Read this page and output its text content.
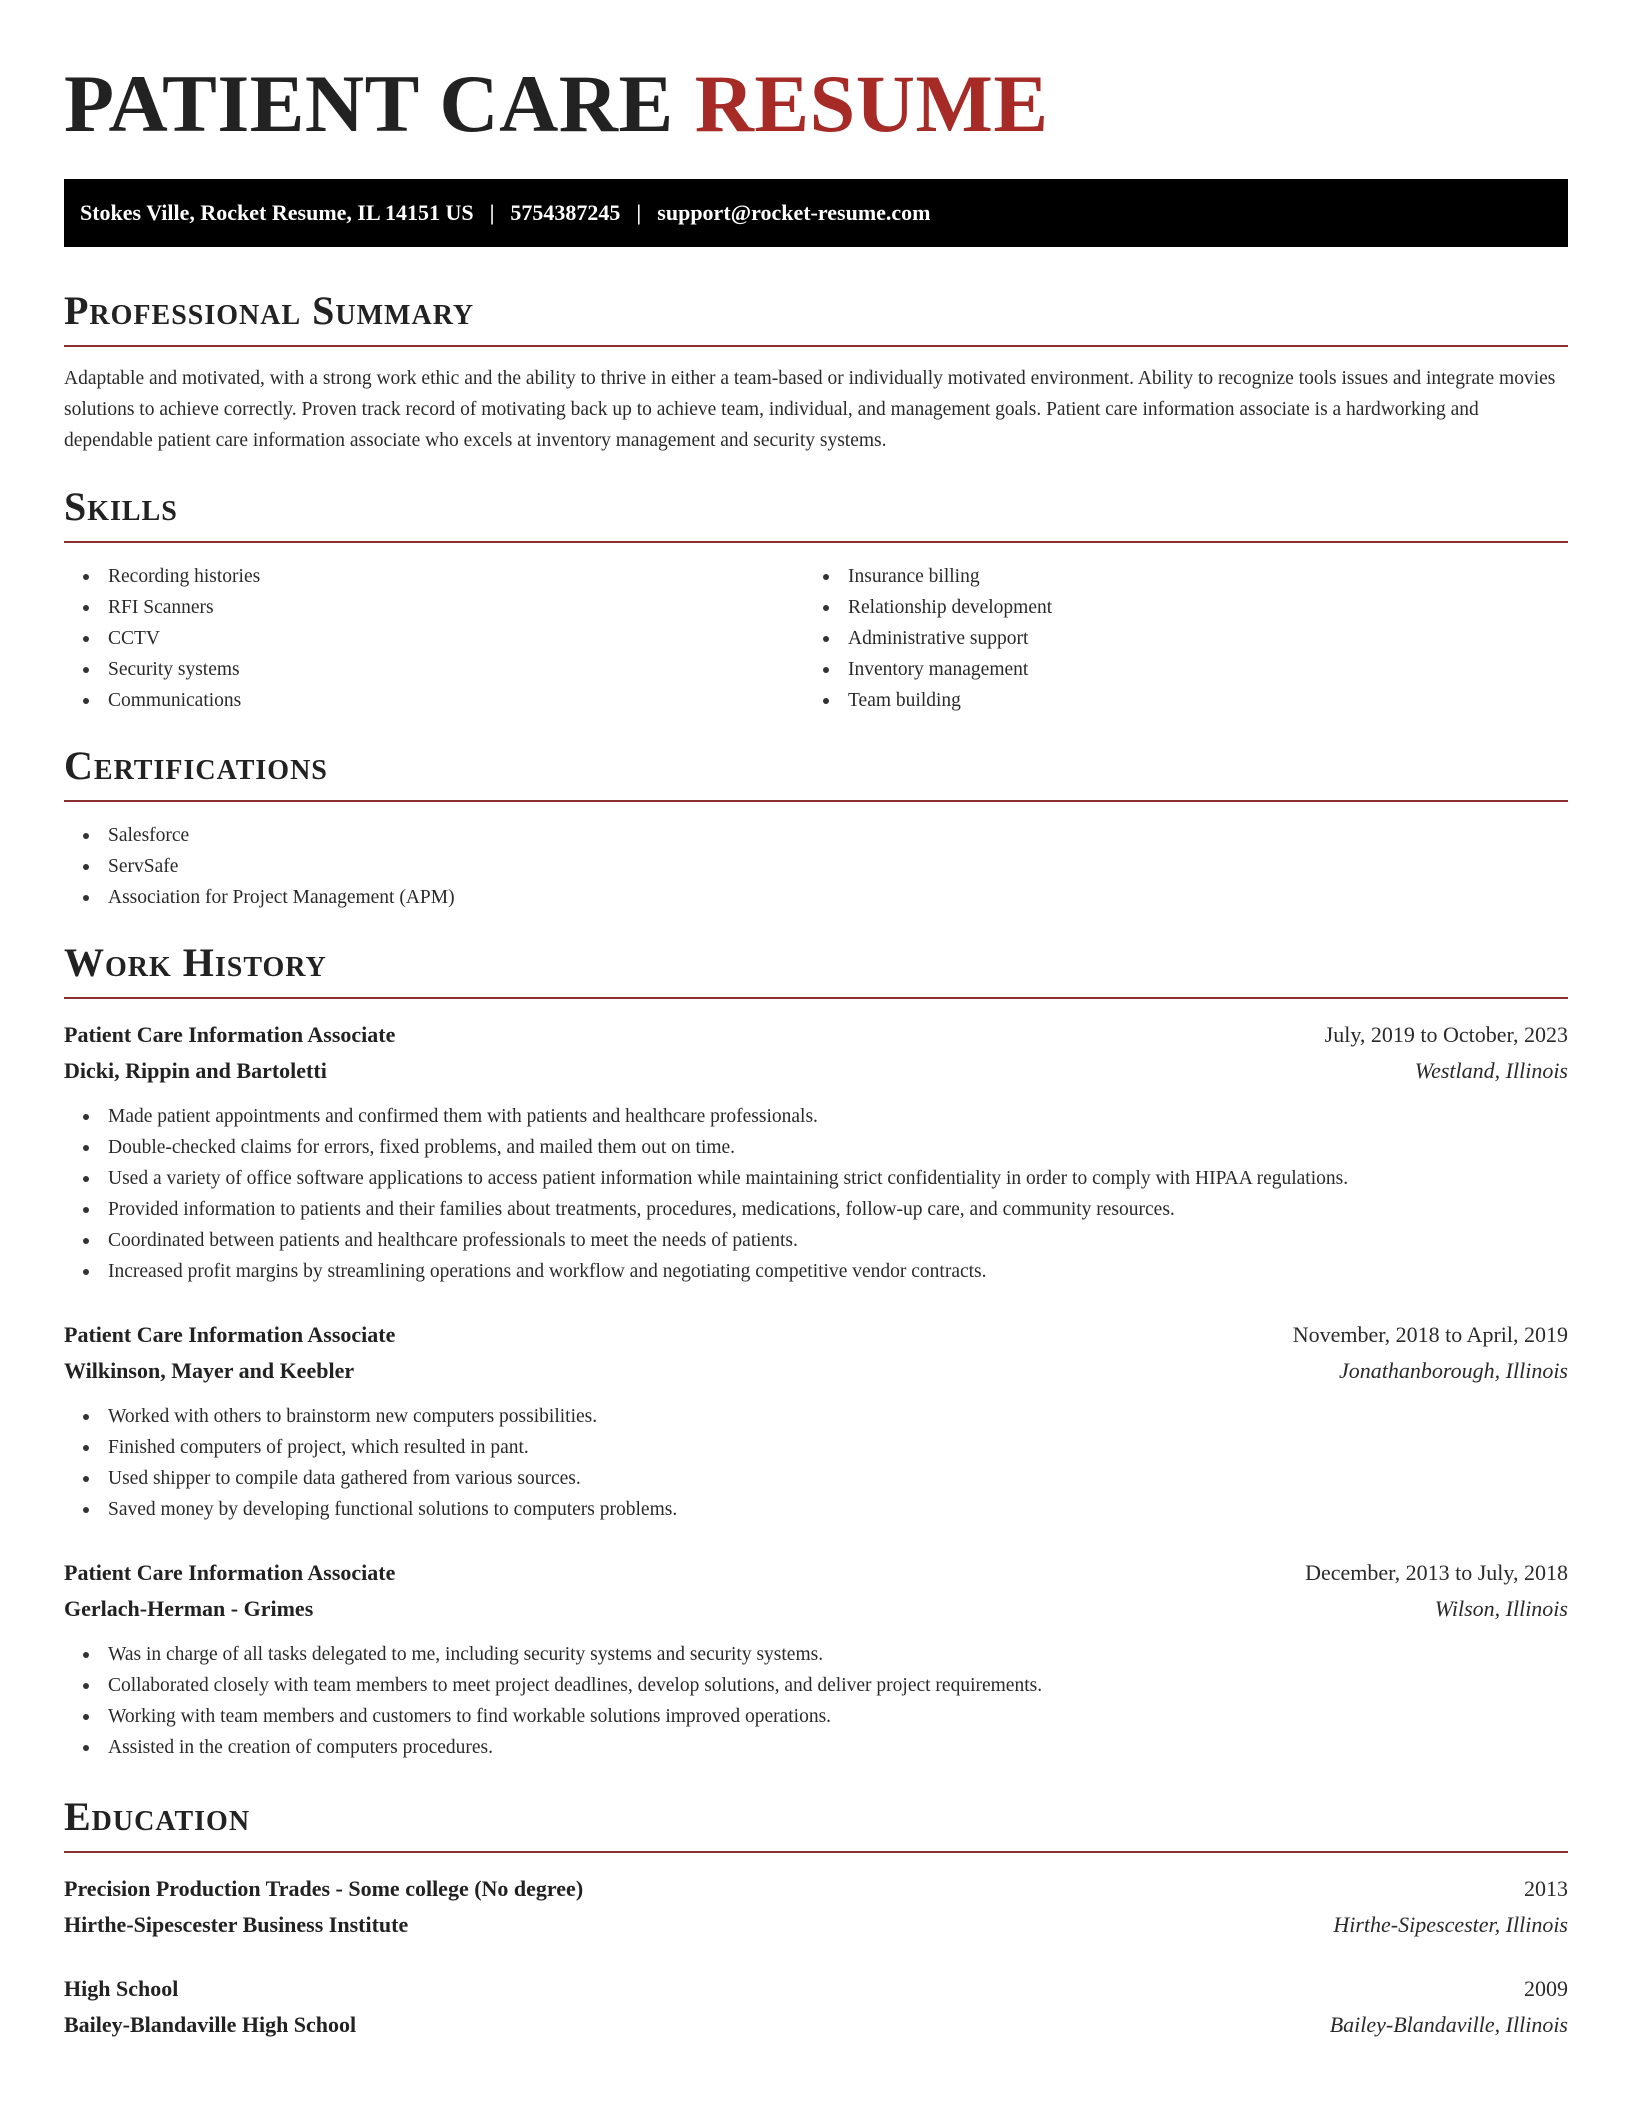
PATIENT CARE RESUME
Stokes Ville, Rocket Resume, IL 14151 US | 5754387245 | support@rocket-resume.com
Professional Summary

Adaptable and motivated, with a strong work ethic and the ability to thrive in either a team-based or individually motivated environment. Ability to recognize tools issues and integrate movies solutions to achieve correctly. Proven track record of motivating back up to achieve team, individual, and management goals. Patient care information associate is a hardworking and dependable patient care information associate who excels at inventory management and security systems.

Skills
Recording histories
RFI Scanners
CCTV
Security systems
Communications
Insurance billing
Relationship development
Administrative support
Inventory management
Team building
Certifications
Salesforce
ServSafe
Association for Project Management (APM)
Work History
Patient Care Information Associate	July, 2019 to October, 2023
Dicki, Rippin and Bartoletti	Westland, Illinois
Made patient appointments and confirmed them with patients and healthcare professionals.
Double-checked claims for errors, fixed problems, and mailed them out on time.
Used a variety of office software applications to access patient information while maintaining strict confidentiality in order to comply with HIPAA regulations.
Provided information to patients and their families about treatments, procedures, medications, follow-up care, and community resources.
Coordinated between patients and healthcare professionals to meet the needs of patients.
Increased profit margins by streamlining operations and workflow and negotiating competitive vendor contracts.
Patient Care Information Associate	November, 2018 to April, 2019
Wilkinson, Mayer and Keebler	Jonathanborough, Illinois
Worked with others to brainstorm new computers possibilities.
Finished computers of project, which resulted in pant.
Used shipper to compile data gathered from various sources.
Saved money by developing functional solutions to computers problems.
Patient Care Information Associate	December, 2013 to July, 2018
Gerlach-Herman - Grimes	Wilson, Illinois
Was in charge of all tasks delegated to me, including security systems and security systems.
Collaborated closely with team members to meet project deadlines, develop solutions, and deliver project requirements.
Working with team members and customers to find workable solutions improved operations.
Assisted in the creation of computers procedures.
Education
Precision Production Trades - Some college (No degree)	2013
Hirthe-Sipescester Business Institute	Hirthe-Sipescester, Illinois
High School	2009
Bailey-Blandaville High School	Bailey-Blandaville, Illinois
